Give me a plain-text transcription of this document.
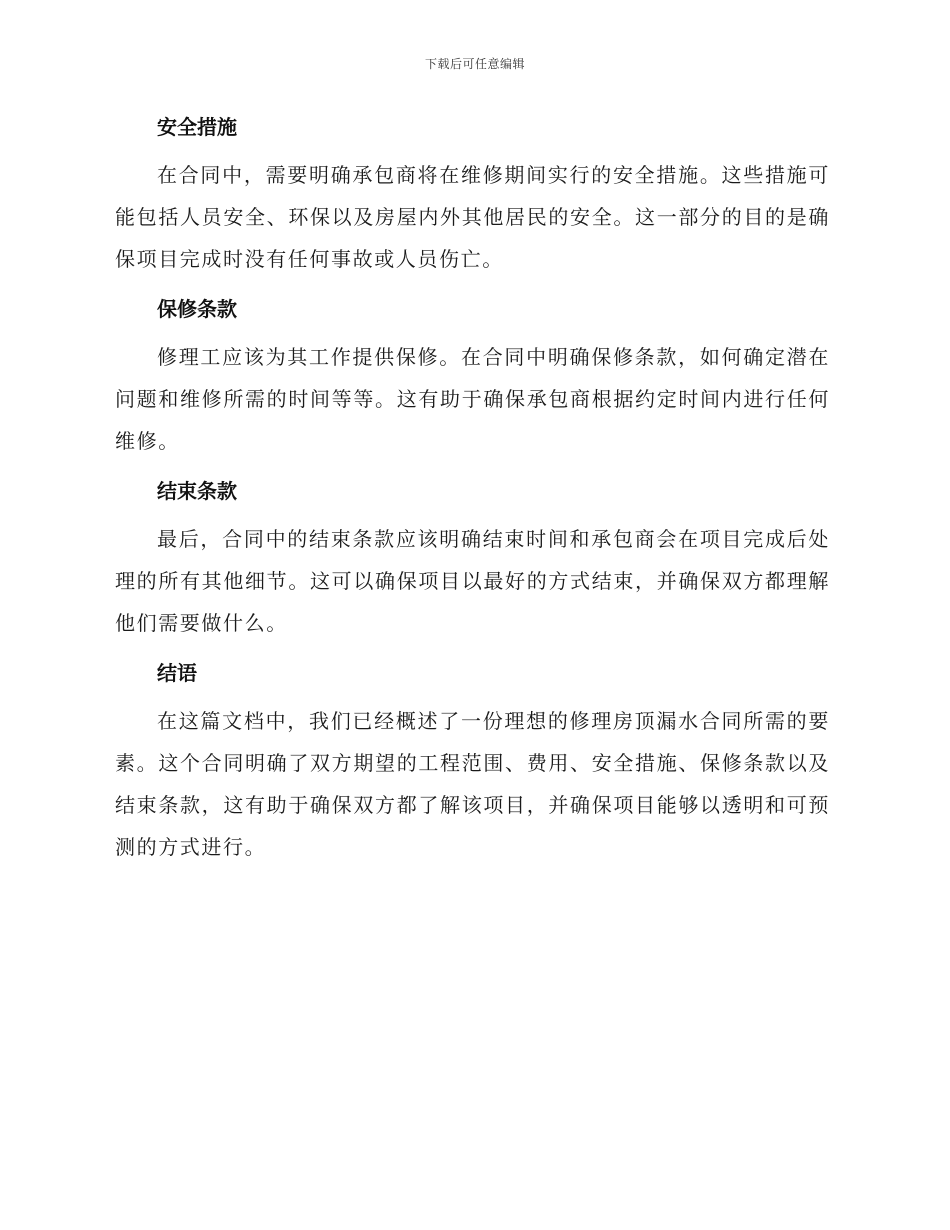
下载后可任意编辑
安全措施

在合同中，需要明确承包商将在维修期间实行的安全措施。这些措施可能包括人员安全、环保以及房屋内外其他居民的安全。这一部分的目的是确保项目完成时没有任何事故或人员伤亡。

保修条款

修理工应该为其工作提供保修。在合同中明确保修条款，如何确定潜在问题和维修所需的时间等等。这有助于确保承包商根据约定时间内进行任何维修。

结束条款

最后，合同中的结束条款应该明确结束时间和承包商会在项目完成后处理的所有其他细节。这可以确保项目以最好的方式结束，并确保双方都理解他们需要做什么。

结语

在这篇文档中，我们已经概述了一份理想的修理房顶漏水合同所需的要素。这个合同明确了双方期望的工程范围、费用、安全措施、保修条款以及结束条款，这有助于确保双方都了解该项目，并确保项目能够以透明和可预测的方式进行。
